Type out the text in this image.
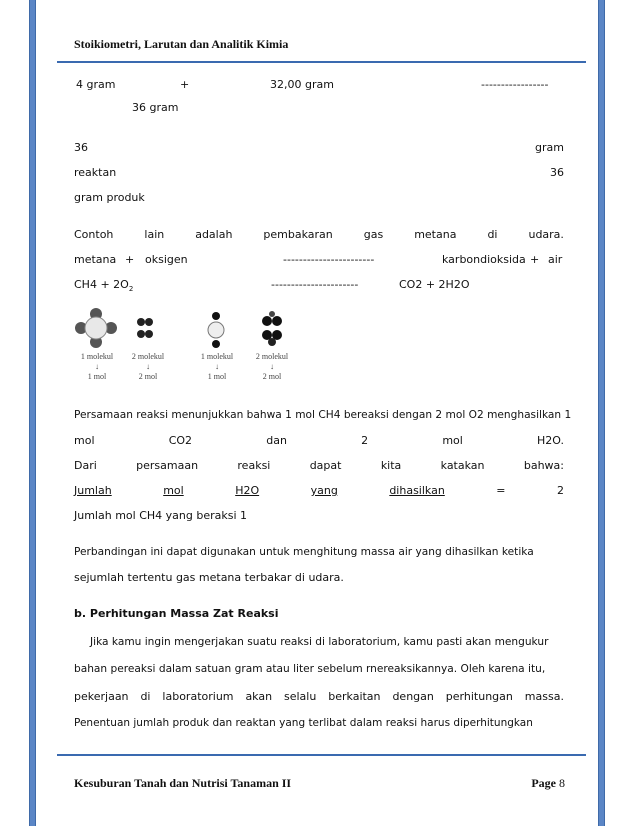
Stoikiometri, Larutan dan Analitik Kimia
4 gram	+	32,00 gram	-----------------
36 gram
36	gram
reaktan	36
gram produk
Contoh	lain	adalah	pembakaran	gas	metana	di	udara.
metana + oksigen	-----------------------	karbondioksida + air
$CH4 + 2O_2$	----------------------	CO2 + 2H2O
1 molekul
↓
1 mol
2 molekul
↓
2 mol
1 molekul
↓
1 mol
2 molekul
↓
2 mol
Persamaan reaksi menunjukkan bahwa 1 mol CH4 bereaksi dengan 2 mol O2 menghasilkan 1
mol	CO2	dan	2	mol	H2O.
Dari	persamaan	reaksi	dapat	kita	katakan	bahwa:
Jumlah	mol	H2O	yang	dihasilkan	=	2
Jumlah mol CH4 yang beraksi 1
Perbandingan ini dapat digunakan untuk menghitung massa air yang dihasilkan ketika
sejumlah tertentu gas metana terbakar di udara.
b. Perhitungan Massa Zat Reaksi
Jika kamu ingin mengerjakan suatu reaksi di laboratorium, kamu pasti akan mengukur
bahan pereaksi dalam satuan gram atau liter sebelum rnereaksikannya. Oleh karena itu,
pekerjaan di laboratorium akan selalu berkaitan dengan perhitungan massa.
Penentuan jumlah produk dan reaktan yang terlibat dalam reaksi harus diperhitungkan
Kesuburan Tanah dan Nutrisi Tanaman II	Page 8
